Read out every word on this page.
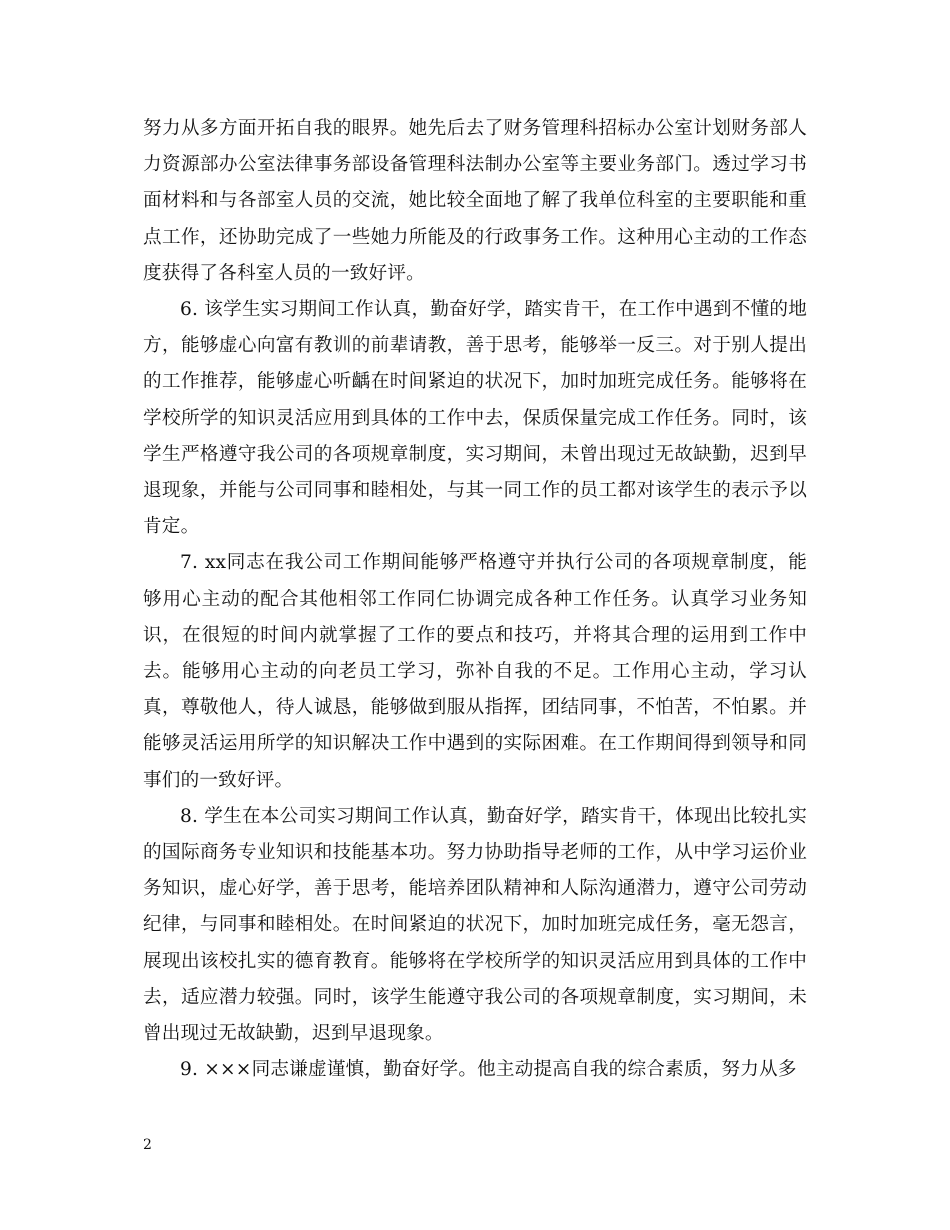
努力从多方面开拓自我的眼界。她先后去了财务管理科招标办公室计划财务部人力资源部办公室法律事务部设备管理科法制办公室等主要业务部门。透过学习书面材料和与各部室人员的交流，她比较全面地了解了我单位科室的主要职能和重点工作，还协助完成了一些她力所能及的行政事务工作。这种用心主动的工作态度获得了各科室人员的一致好评。

6. 该学生实习期间工作认真，勤奋好学，踏实肯干，在工作中遇到不懂的地方，能够虚心向富有教训的前辈请教，善于思考，能够举一反三。对于别人提出的工作推荐，能够虚心听齲在时间紧迫的状况下，加时加班完成任务。能够将在学校所学的知识灵活应用到具体的工作中去，保质保量完成工作任务。同时，该学生严格遵守我公司的各项规章制度，实习期间，未曾出现过无故缺勤，迟到早退现象，并能与公司同事和睦相处，与其一同工作的员工都对该学生的表示予以肯定。

7. xx同志在我公司工作期间能够严格遵守并执行公司的各项规章制度，能够用心主动的配合其他相邻工作同仁协调完成各种工作任务。认真学习业务知识，在很短的时间内就掌握了工作的要点和技巧，并将其合理的运用到工作中去。能够用心主动的向老员工学习，弥补自我的不足。工作用心主动，学习认真，尊敬他人，待人诚恳，能够做到服从指挥，团结同事，不怕苦，不怕累。并能够灵活运用所学的知识解决工作中遇到的实际困难。在工作期间得到领导和同事们的一致好评。

8. 学生在本公司实习期间工作认真，勤奋好学，踏实肯干，体现出比较扎实的国际商务专业知识和技能基本功。努力协助指导老师的工作，从中学习运价业务知识，虚心好学，善于思考，能培养团队精神和人际沟通潜力，遵守公司劳动纪律，与同事和睦相处。在时间紧迫的状况下，加时加班完成任务，毫无怨言，展现出该校扎实的德育教育。能够将在学校所学的知识灵活应用到具体的工作中去，适应潜力较强。同时，该学生能遵守我公司的各项规章制度，实习期间，未曾出现过无故缺勤，迟到早退现象。

9. ×××同志谦虚谨慎，勤奋好学。他主动提高自我的综合素质，努力从多

2
